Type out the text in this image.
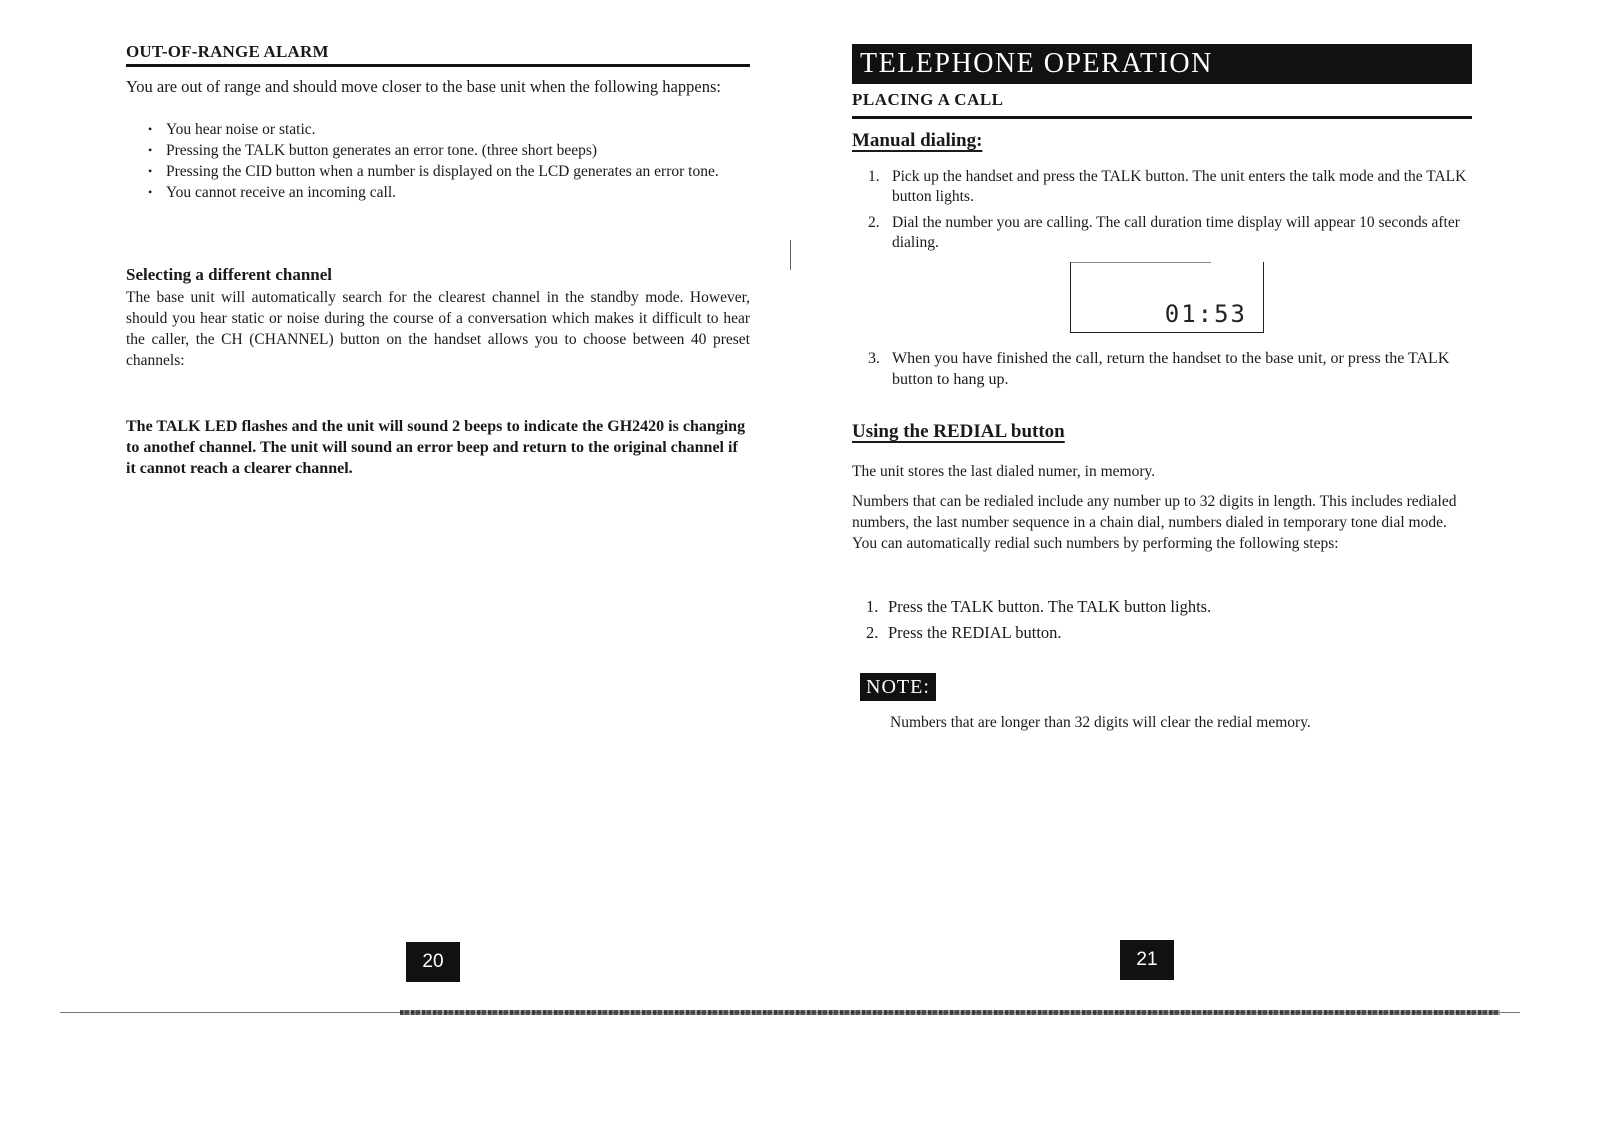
OUT-OF-RANGE ALARM
You are out of range and should move closer to the base unit when the following happens:
• You hear noise or static.
• Pressing the TALK button generates an error tone. (three short beeps)
• Pressing the CID button when a number is displayed on the LCD generates an error tone.
• You cannot receive an incoming call.
Selecting a different channel
The base unit will automatically search for the clearest channel in the standby mode. However, should you hear static or noise during the course of a conversation which makes it difficult to hear the caller, the CH (CHANNEL) button on the handset allows you to choose between 40 preset channels:
The TALK LED flashes and the unit will sound 2 beeps to indicate the GH2420 is changing to anothef channel. The unit will sound an error beep and return to the original channel if it cannot reach a clearer channel.
20
TELEPHONE OPERATION
PLACING A CALL
Manual dialing:
1. Pick up the handset and press the TALK button. The unit enters the talk mode and the TALK button lights.
2. Dial the number you are calling. The call duration time display will appear 10 seconds after dialing.
01:53
3. When you have finished the call, return the handset to the base unit, or press the TALK button to hang up.
Using the REDIAL button
The unit stores the last dialed numer, in memory.
Numbers that can be redialed include any number up to 32 digits in length. This includes redialed numbers, the last number sequence in a chain dial, numbers dialed in temporary tone dial mode. You can automatically redial such numbers by performing the following steps:
1. Press the TALK button. The TALK button lights.
2. Press the REDIAL button.
NOTE:
Numbers that are longer than 32 digits will clear the redial memory.
21
